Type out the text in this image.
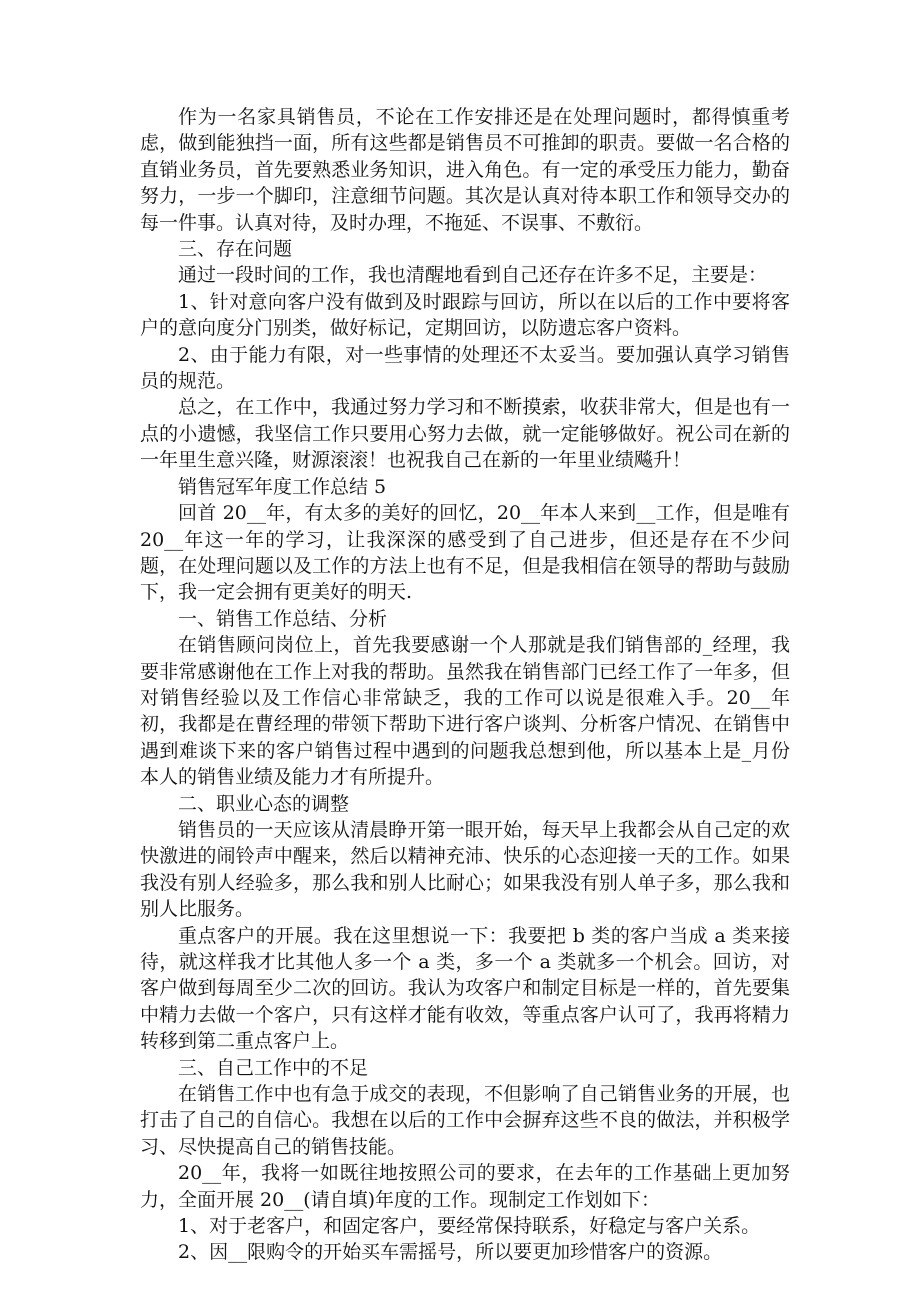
作为一名家具销售员，不论在工作安排还是在处理问题时，都得慎重考虑，做到能独挡一面，所有这些都是销售员不可推卸的职责。要做一名合格的直销业务员，首先要熟悉业务知识，进入角色。有一定的承受压力能力，勤奋努力，一步一个脚印，注意细节问题。其次是认真对待本职工作和领导交办的每一件事。认真对待，及时办理，不拖延、不误事、不敷衍。

三、存在问题

通过一段时间的工作，我也清醒地看到自己还存在许多不足，主要是：

1、针对意向客户没有做到及时跟踪与回访，所以在以后的工作中要将客户的意向度分门别类，做好标记，定期回访，以防遗忘客户资料。

2、由于能力有限，对一些事情的处理还不太妥当。要加强认真学习销售员的规范。

总之，在工作中，我通过努力学习和不断摸索，收获非常大，但是也有一点的小遗憾，我坚信工作只要用心努力去做，就一定能够做好。祝公司在新的一年里生意兴隆，财源滚滚！也祝我自己在新的一年里业绩飚升！

销售冠军年度工作总结 5

回首 20__年，有太多的美好的回忆，20__年本人来到__工作，但是唯有20__年这一年的学习，让我深深的感受到了自己进步，但还是存在不少问题，在处理问题以及工作的方法上也有不足，但是我相信在领导的帮助与鼓励下，我一定会拥有更美好的明天.

一、销售工作总结、分析

在销售顾问岗位上，首先我要感谢一个人那就是我们销售部的_经理，我要非常感谢他在工作上对我的帮助。虽然我在销售部门已经工作了一年多，但对销售经验以及工作信心非常缺乏，我的工作可以说是很难入手。20__年初，我都是在曹经理的带领下帮助下进行客户谈判、分析客户情况、在销售中遇到难谈下来的客户销售过程中遇到的问题我总想到他，所以基本上是_月份本人的销售业绩及能力才有所提升。

二、职业心态的调整

销售员的一天应该从清晨睁开第一眼开始，每天早上我都会从自己定的欢快激进的闹铃声中醒来，然后以精神充沛、快乐的心态迎接一天的工作。如果我没有别人经验多，那么我和别人比耐心；如果我没有别人单子多，那么我和别人比服务。

重点客户的开展。我在这里想说一下：我要把 b 类的客户当成 a 类来接待，就这样我才比其他人多一个 a 类，多一个 a 类就多一个机会。回访，对客户做到每周至少二次的回访。我认为攻客户和制定目标是一样的，首先要集中精力去做一个客户，只有这样才能有收效，等重点客户认可了，我再将精力转移到第二重点客户上。

三、自己工作中的不足

在销售工作中也有急于成交的表现，不但影响了自己销售业务的开展，也打击了自己的自信心。我想在以后的工作中会摒弃这些不良的做法，并积极学习、尽快提高自己的销售技能。

20__年，我将一如既往地按照公司的要求，在去年的工作基础上更加努力，全面开展 20__(请自填)年度的工作。现制定工作划如下：

1、对于老客户，和固定客户，要经常保持联系，好稳定与客户关系。

2、因__限购令的开始买车需摇号，所以要更加珍惜客户的资源。
